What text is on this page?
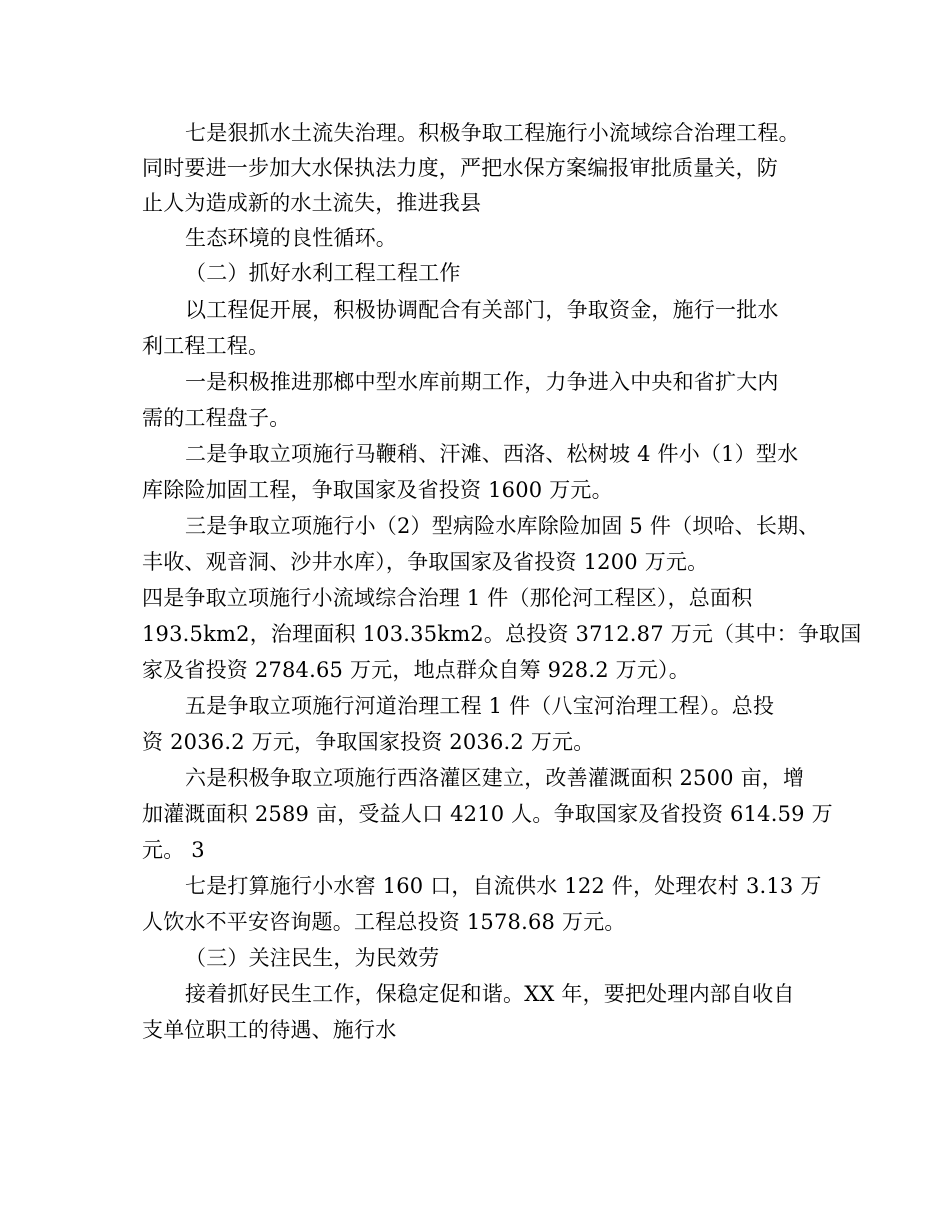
七是狠抓水土流失治理。积极争取工程施行小流域综合治理工程。
同时要进一步加大水保执法力度，严把水保方案编报审批质量关，防
止人为造成新的水土流失，推进我县
生态环境的良性循环。
（二）抓好水利工程工程工作
以工程促开展，积极协调配合有关部门，争取资金，施行一批水
利工程工程。
一是积极推进那榔中型水库前期工作，力争进入中央和省扩大内
需的工程盘子。
二是争取立项施行马鞭稍、汗滩、西洛、松树坡 4 件小（1）型水
库除险加固工程，争取国家及省投资 1600 万元。
三是争取立项施行小（2）型病险水库除险加固 5 件（坝哈、长期、
丰收、观音洞、沙井水库），争取国家及省投资 1200 万元。
四是争取立项施行小流域综合治理 1 件（那伦河工程区），总面积
193.5km2，治理面积 103.35km2。总投资 3712.87 万元（其中：争取国
家及省投资 2784.65 万元，地点群众自筹 928.2 万元）。
五是争取立项施行河道治理工程 1 件（八宝河治理工程）。总投
资 2036.2 万元，争取国家投资 2036.2 万元。
六是积极争取立项施行西洛灌区建立，改善灌溉面积 2500 亩，增
加灌溉面积 2589 亩，受益人口 4210 人。争取国家及省投资 614.59 万
元。 3
七是打算施行小水窖 160 口，自流供水 122 件，处理农村 3.13 万
人饮水不平安咨询题。工程总投资 1578.68 万元。
（三）关注民生，为民效劳
接着抓好民生工作，保稳定促和谐。XX 年，要把处理内部自收自
支单位职工的待遇、施行水
